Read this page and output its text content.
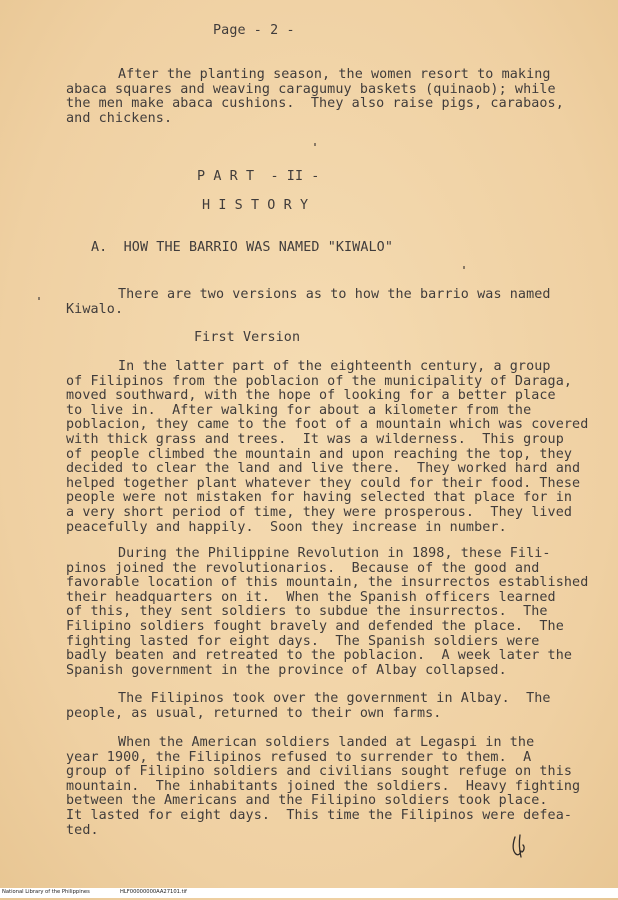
Page - 2 -
After the planting season, the women resort to making
abaca squares and weaving caragumuy baskets (quinaob); while
the men make abaca cushions.  They also raise pigs, carabaos,
and chickens.
P A R T  - II -
H I S T O R Y
A.  HOW THE BARRIO WAS NAMED "KIWALO"
There are two versions as to how the barrio was named
Kiwalo.
First Version
In the latter part of the eighteenth century, a group
of Filipinos from the poblacion of the municipality of Daraga,
moved southward, with the hope of looking for a better place
to live in.  After walking for about a kilometer from the
poblacion, they came to the foot of a mountain which was covered
with thick grass and trees.  It was a wilderness.  This group
of people climbed the mountain and upon reaching the top, they
decided to clear the land and live there.  They worked hard and
helped together plant whatever they could for their food. These
people were not mistaken for having selected that place for in
a very short period of time, they were prosperous.  They lived
peacefully and happily.  Soon they increase in number.
During the Philippine Revolution in 1898, these Fili-
pinos joined the revolutionarios.  Because of the good and
favorable location of this mountain, the insurrectos established
their headquarters on it.  When the Spanish officers learned
of this, they sent soldiers to subdue the insurrectos.  The
Filipino soldiers fought bravely and defended the place.  The
fighting lasted for eight days.  The Spanish soldiers were
badly beaten and retreated to the poblacion.  A week later the
Spanish government in the province of Albay collapsed.
The Filipinos took over the government in Albay.  The
people, as usual, returned to their own farms.
When the American soldiers landed at Legaspi in the
year 1900, the Filipinos refused to surrender to them.  A
group of Filipino soldiers and civilians sought refuge on this
mountain.  The inhabitants joined the soldiers.  Heavy fighting
between the Americans and the Filipino soldiers took place.
It lasted for eight days.  This time the Filipinos were defea-
ted.
National Library of the Philippines	HLF00000000AA27101.tif
